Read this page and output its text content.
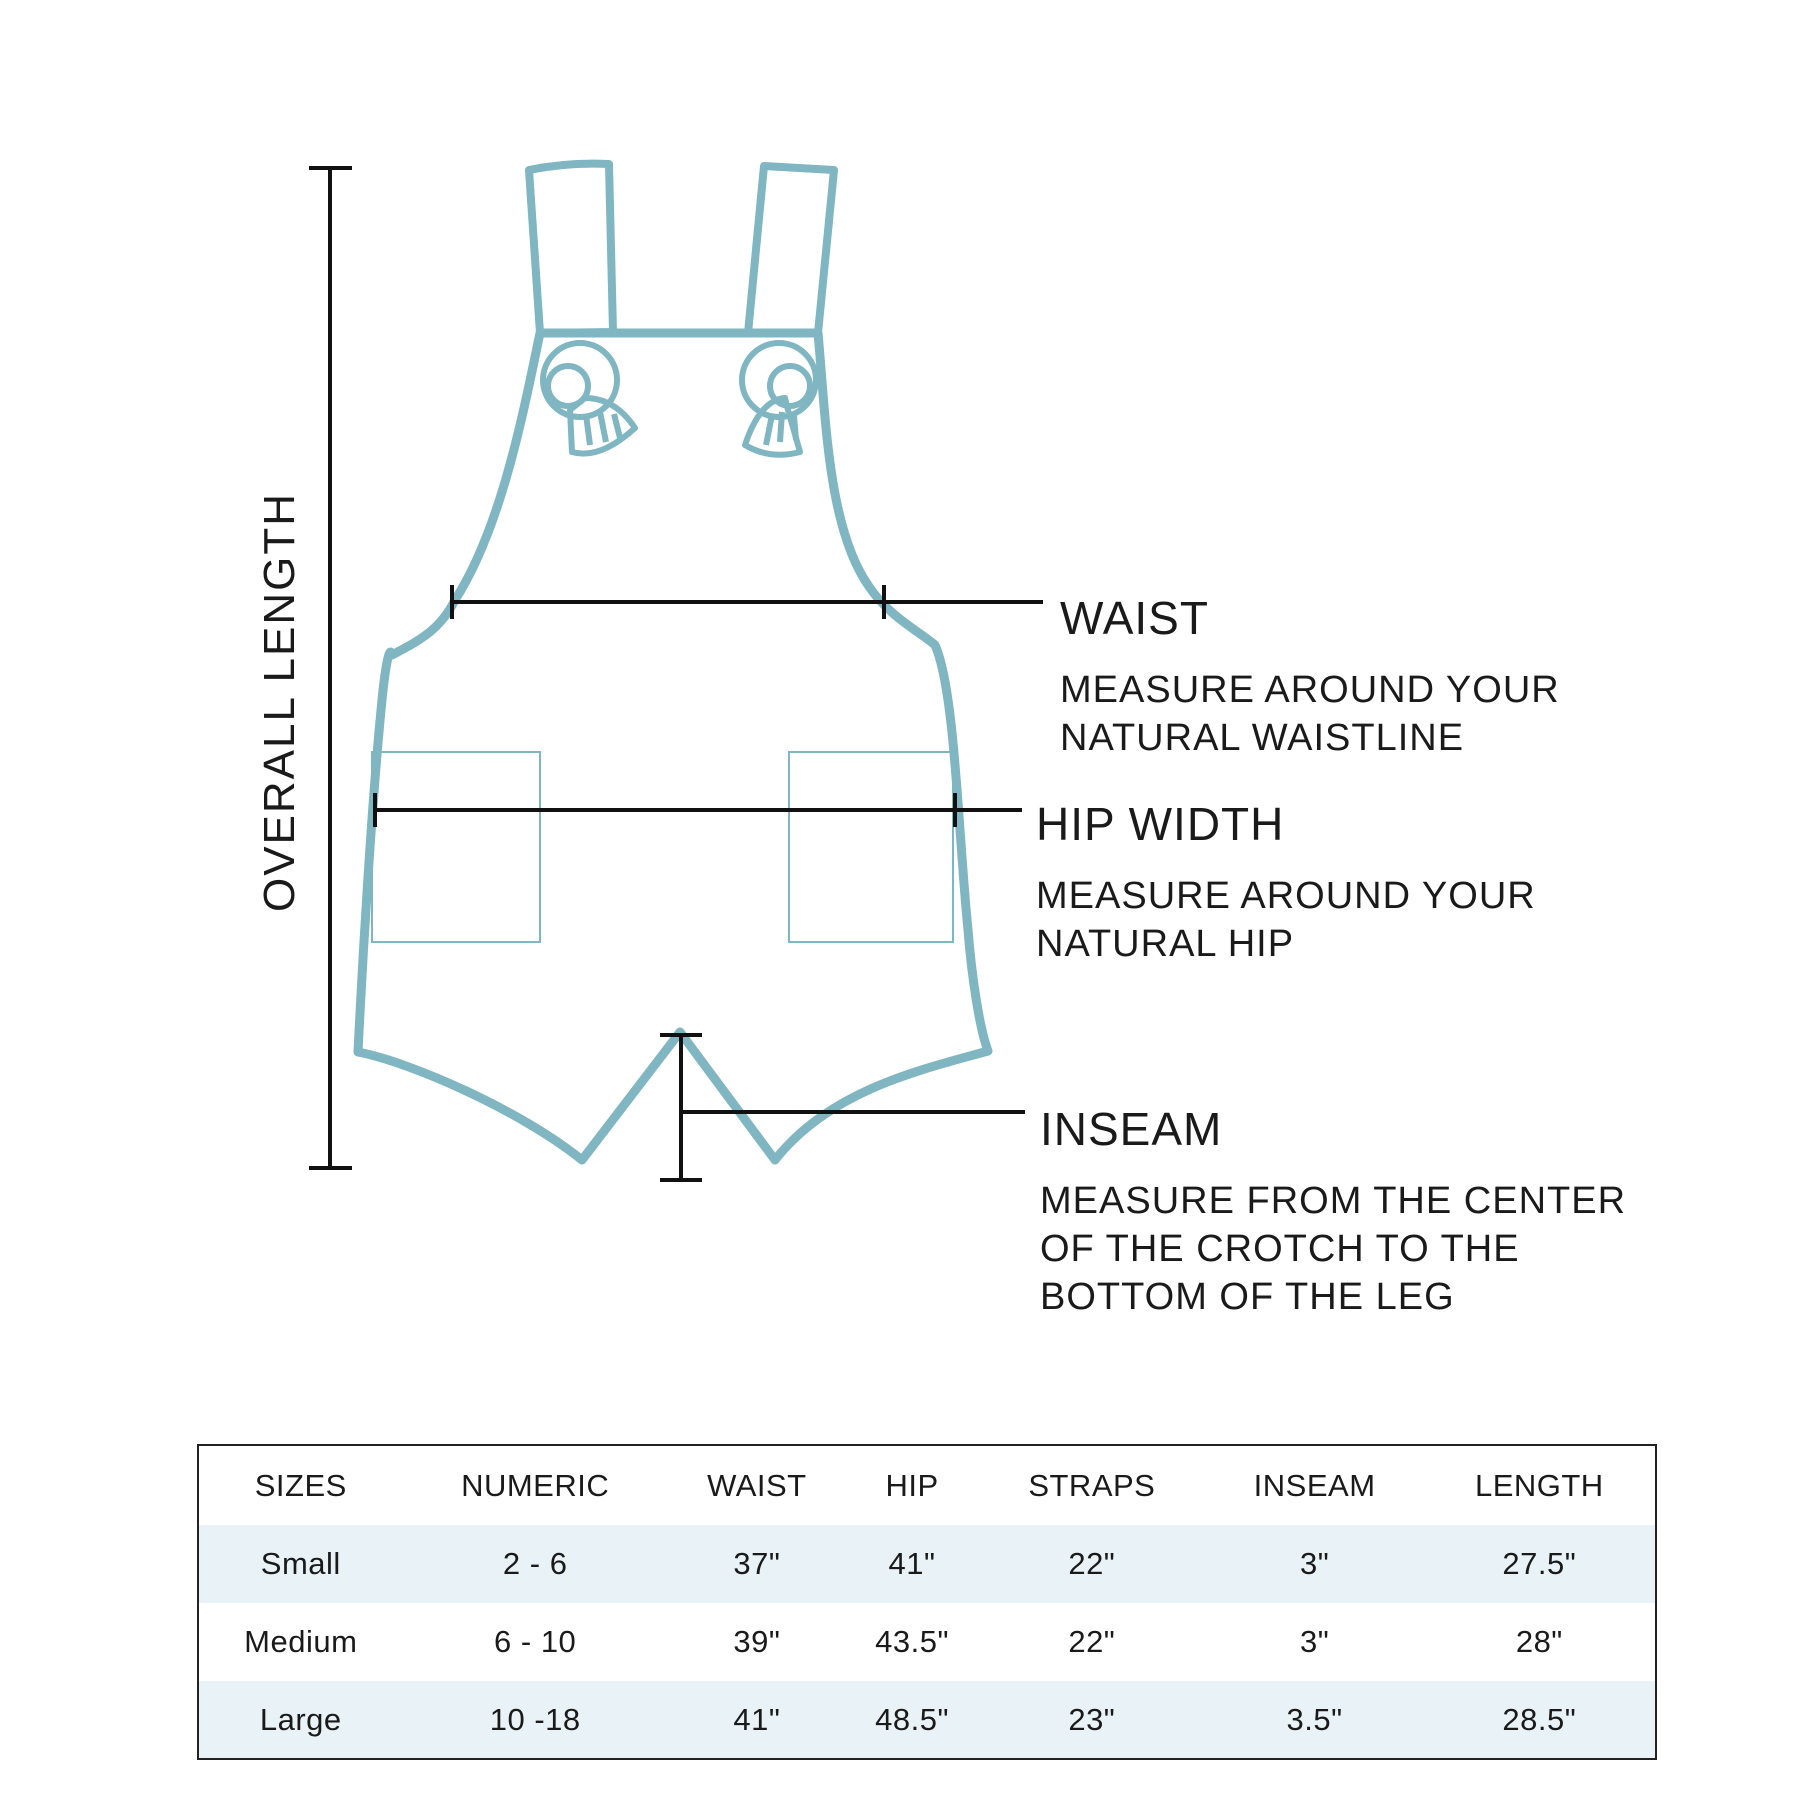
OVERALL LENGTH	WAIST

MEASURE AROUND YOUR
NATURAL WAISTLINE

HIP WIDTH

MEASURE AROUND YOUR
NATURAL HIP

INSEAM

MEASURE FROM THE CENTER
OF THE CROTCH TO THE
BOTTOM OF THE LEG

SIZES	NUMERIC	WAIST	HIP	STRAPS	INSEAM	LENGTH
Small	2 - 6	37"	41"	22"	3"	27.5"
Medium	6 - 10	39"	43.5"	22"	3"	28"
Large	10 -18	41"	48.5"	23"	3.5"	28.5"
